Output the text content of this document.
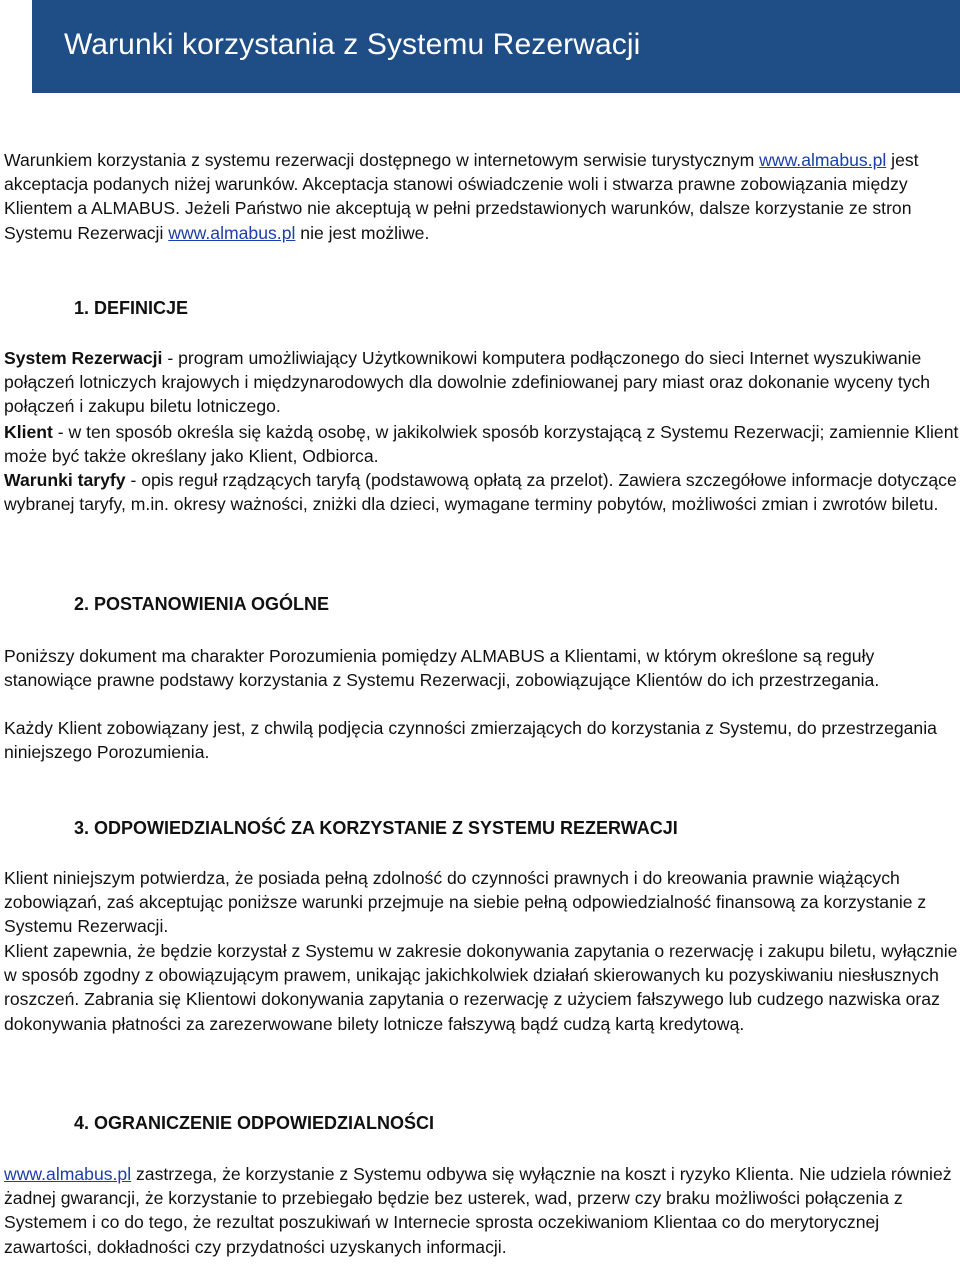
Warunki korzystania z Systemu Rezerwacji

Warunkiem korzystania z systemu rezerwacji dostępnego w internetowym serwisie turystycznym www.almabus.pl jest akceptacja podanych niżej warunków. Akceptacja stanowi oświadczenie woli i stwarza prawne zobowiązania między Klientem a ALMABUS. Jeżeli Państwo nie akceptują w pełni przedstawionych warunków, dalsze korzystanie ze stron Systemu Rezerwacji www.almabus.pl nie jest możliwe.

1. DEFINICJE

System Rezerwacji - program umożliwiający Użytkownikowi komputera podłączonego do sieci Internet wyszukiwanie połączeń lotniczych krajowych i międzynarodowych dla dowolnie zdefiniowanej pary miast oraz dokonanie wyceny tych połączeń i zakupu biletu lotniczego.

Klient - w ten sposób określa się każdą osobę, w jakikolwiek sposób korzystającą z Systemu Rezerwacji; zamiennie Klient może być także określany jako Klient, Odbiorca.

Warunki taryfy - opis reguł rządzących taryfą (podstawową opłatą za przelot). Zawiera szczegółowe informacje dotyczące wybranej taryfy, m.in. okresy ważności, zniżki dla dzieci, wymagane terminy pobytów, możliwości zmian i zwrotów biletu.

2. POSTANOWIENIA OGÓLNE

Poniższy dokument ma charakter Porozumienia pomiędzy ALMABUS a Klientami, w którym określone są reguły stanowiące prawne podstawy korzystania z Systemu Rezerwacji, zobowiązujące Klientów do ich przestrzegania.

Każdy Klient zobowiązany jest, z chwilą podjęcia czynności zmierzających do korzystania z Systemu, do przestrzegania niniejszego Porozumienia.

3. ODPOWIEDZIALNOŚĆ ZA KORZYSTANIE Z SYSTEMU REZERWACJI

Klient niniejszym potwierdza, że posiada pełną zdolność do czynności prawnych i do kreowania prawnie wiążących zobowiązań, zaś akceptując poniższe warunki przejmuje na siebie pełną odpowiedzialność finansową za korzystanie z Systemu Rezerwacji.

Klient zapewnia, że będzie korzystał z Systemu w zakresie dokonywania zapytania o rezerwację i zakupu biletu, wyłącznie w sposób zgodny z obowiązującym prawem, unikając jakichkolwiek działań skierowanych ku pozyskiwaniu niesłusznych roszczeń. Zabrania się Klientowi dokonywania zapytania o rezerwację z użyciem fałszywego lub cudzego nazwiska oraz dokonywania płatności za zarezerwowane bilety lotnicze fałszywą bądź cudzą kartą kredytową.

4. OGRANICZENIE ODPOWIEDZIALNOŚCI

www.almabus.pl zastrzega, że korzystanie z Systemu odbywa się wyłącznie na koszt i ryzyko Klienta. Nie udziela również żadnej gwarancji, że korzystanie to przebiegało będzie bez usterek, wad, przerw czy braku możliwości połączenia z Systemem i co do tego, że rezultat poszukiwań w Internecie sprosta oczekiwaniom Klientaa co do merytorycznej zawartości, dokładności czy przydatności uzyskanych informacji.
